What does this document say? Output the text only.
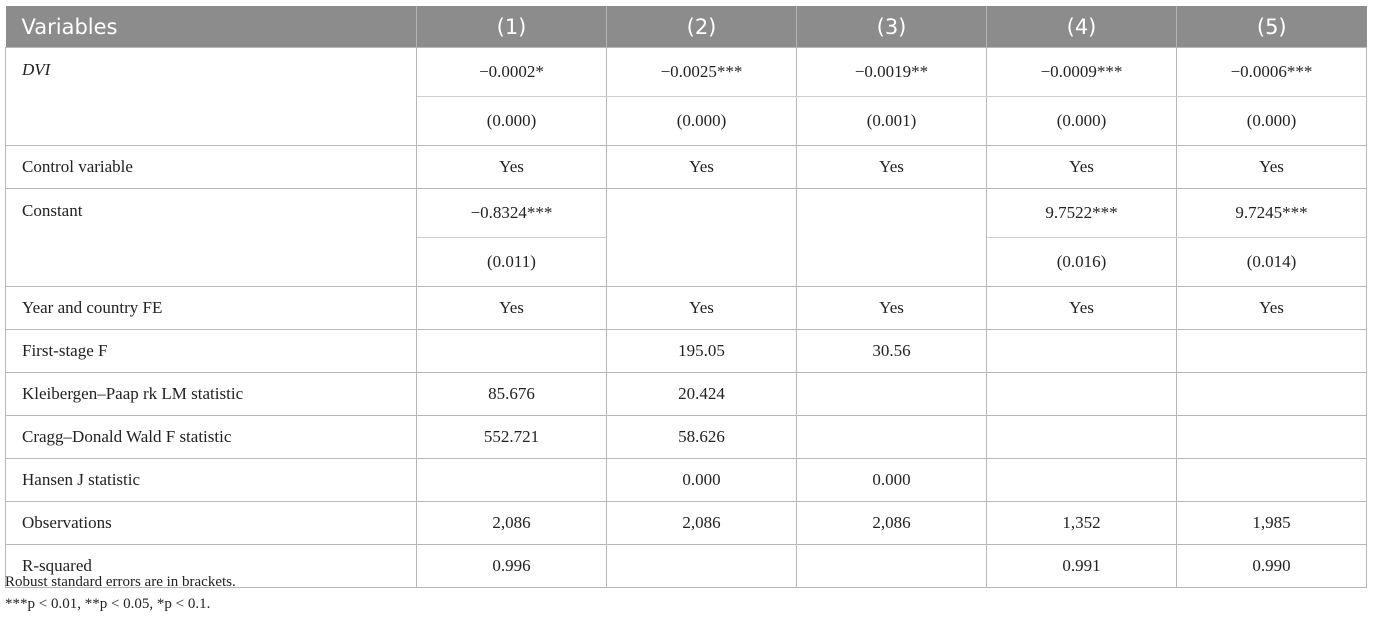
Variables	(1)	(2)	(3)	(4)	(5)
DVI	−0.0002*	−0.0025***	−0.0019**	−0.0009***	−0.0006***
	(0.000)	(0.000)	(0.001)	(0.000)	(0.000)
Control variable	Yes	Yes	Yes	Yes	Yes
Constant	−0.8324***			9.7522***	9.7245***
	(0.011)			(0.016)	(0.014)
Year and country FE	Yes	Yes	Yes	Yes	Yes
First-stage F		195.05	30.56		
Kleibergen–Paap rk LM statistic	85.676	20.424			
Cragg–Donald Wald F statistic	552.721	58.626			
Hansen J statistic		0.000	0.000		
Observations	2,086	2,086	2,086	1,352	1,985
R-squared	0.996			0.991	0.990
Robust standard errors are in brackets.
***p < 0.01, **p < 0.05, *p < 0.1.
